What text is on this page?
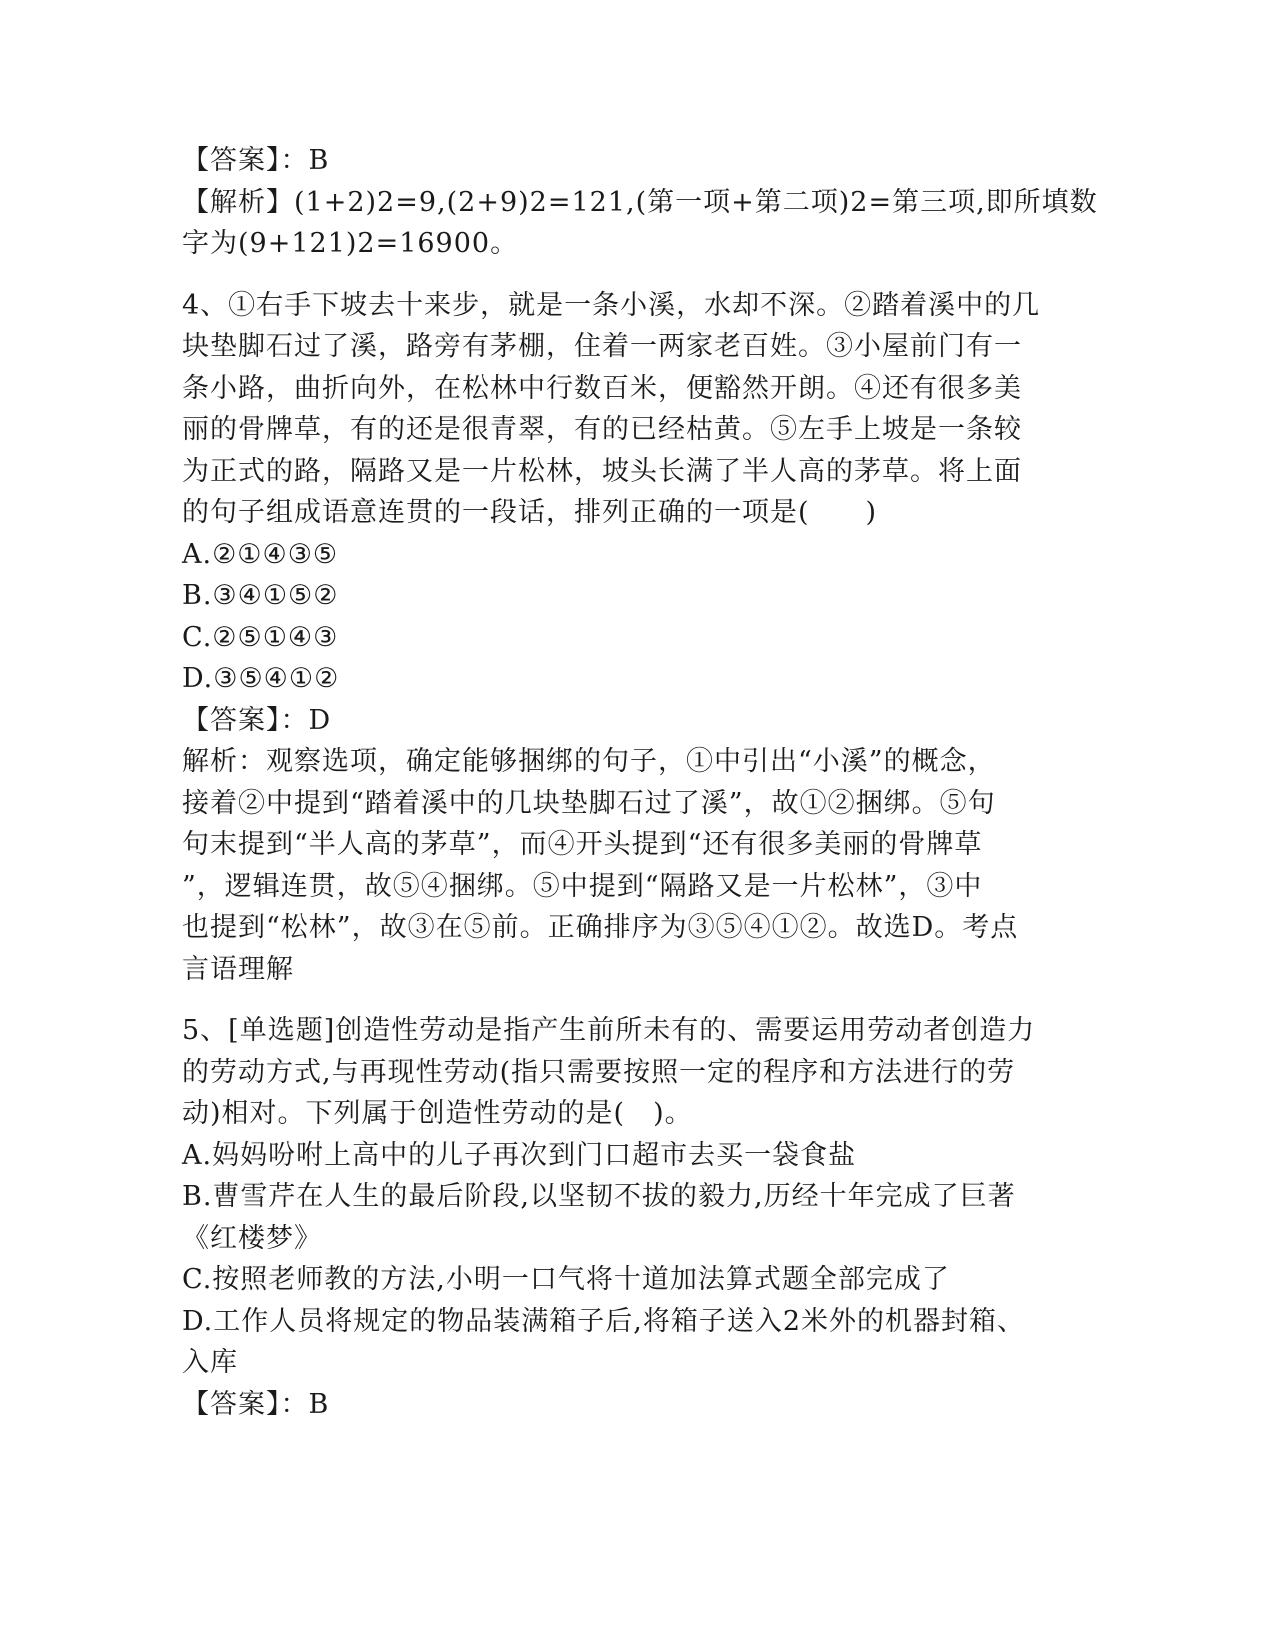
【答案】：B
【解析】(1+2)2=9,(2+9)2=121,(第一项+第二项)2=第三项,即所填数
字为(9+121)2=16900。
4、①右手下坡去十来步，就是一条小溪，水却不深。②踏着溪中的几
块垫脚石过了溪，路旁有茅棚，住着一两家老百姓。③小屋前门有一
条小路，曲折向外，在松林中行数百米，便豁然开朗。④还有很多美
丽的骨牌草，有的还是很青翠，有的已经枯黄。⑤左手上坡是一条较
为正式的路，隔路又是一片松林，坡头长满了半人高的茅草。将上面
的句子组成语意连贯的一段话，排列正确的一项是(　　)
A.②①④③⑤
B.③④①⑤②
C.②⑤①④③
D.③⑤④①②
【答案】：D
解析：观察选项，确定能够捆绑的句子，①中引出“小溪”的概念，
接着②中提到“踏着溪中的几块垫脚石过了溪”，故①②捆绑。⑤句
句末提到“半人高的茅草”，而④开头提到“还有很多美丽的骨牌草
”，逻辑连贯，故⑤④捆绑。⑤中提到“隔路又是一片松林”，③中
也提到“松林”，故③在⑤前。正确排序为③⑤④①②。故选D。考点
言语理解
5、[单选题]创造性劳动是指产生前所未有的、需要运用劳动者创造力
的劳动方式,与再现性劳动(指只需要按照一定的程序和方法进行的劳
动)相对。下列属于创造性劳动的是(　)。
A.妈妈吩咐上高中的儿子再次到门口超市去买一袋食盐
B.曹雪芹在人生的最后阶段,以坚韧不拔的毅力,历经十年完成了巨著
《红楼梦》
C.按照老师教的方法,小明一口气将十道加法算式题全部完成了
D.工作人员将规定的物品装满箱子后,将箱子送入2米外的机器封箱、
入库
【答案】：B
